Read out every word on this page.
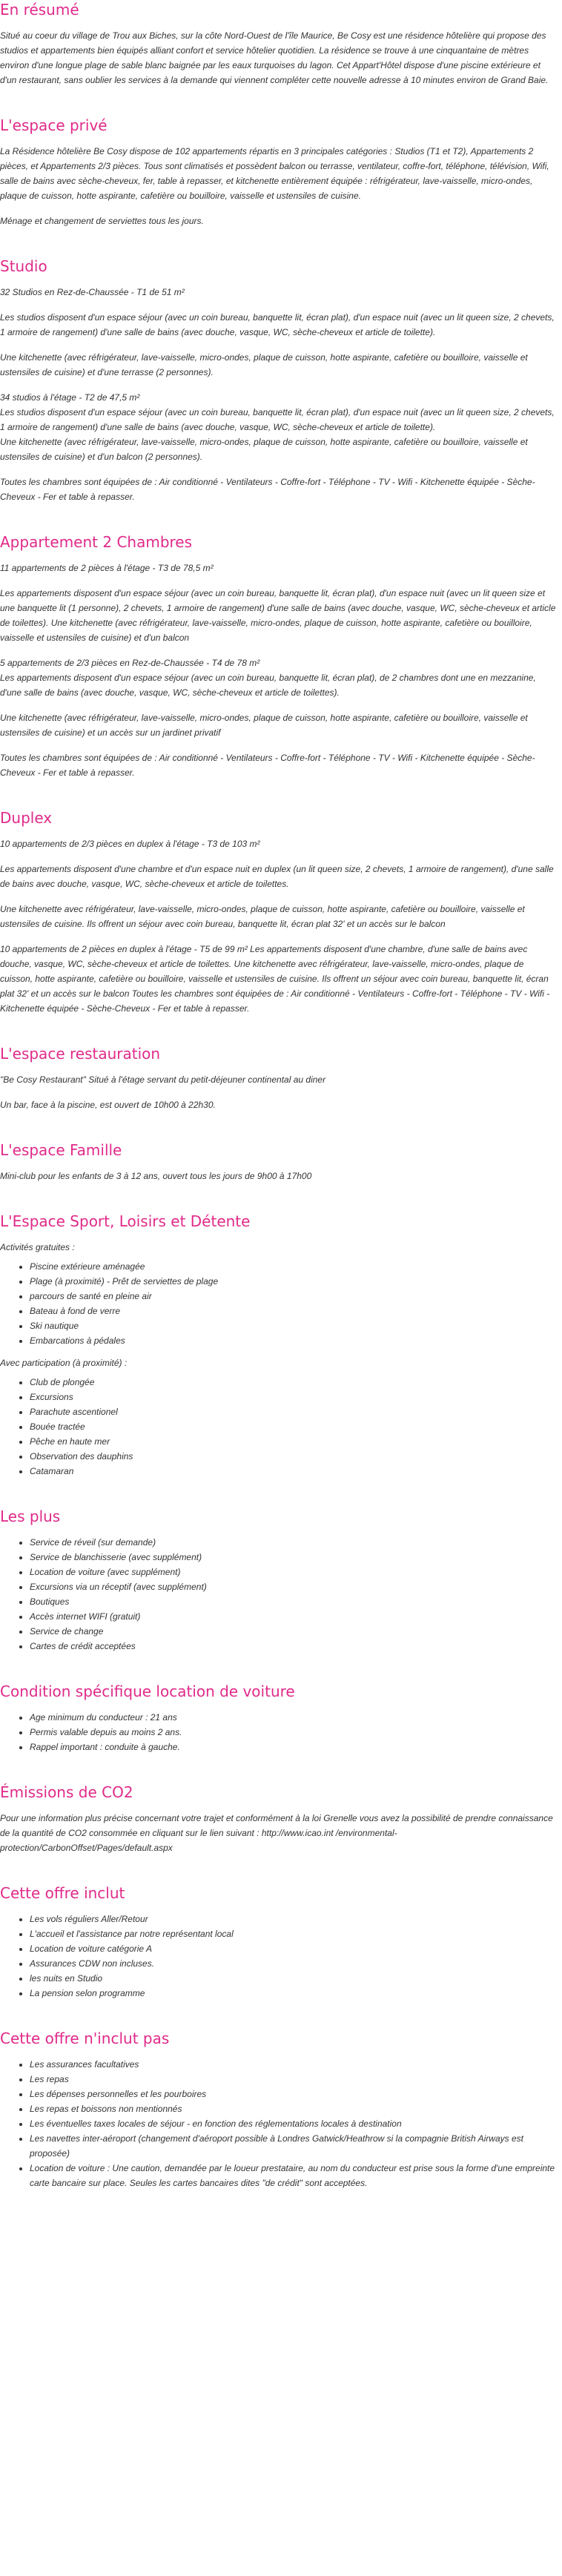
En résumé

Situé au coeur du village de Trou aux Biches, sur la côte Nord-Ouest de l'île Maurice, Be Cosy est une résidence hôtelière qui propose des studios et appartements bien équipés alliant confort et service hôtelier quotidien. La résidence se trouve à une cinquantaine de mètres environ d'une longue plage de sable blanc baignée par les eaux turquoises du lagon. Cet Appart'Hôtel dispose d'une piscine extérieure et d'un restaurant, sans oublier les services à la demande qui viennent compléter cette nouvelle adresse à 10 minutes environ de Grand Baie.

L'espace privé

La Résidence hôtelière Be Cosy dispose de 102 appartements répartis en 3 principales catégories : Studios (T1 et T2), Appartements 2 pièces, et Appartements 2/3 pièces. Tous sont climatisés et possèdent balcon ou terrasse, ventilateur, coffre-fort, téléphone, télévision, Wifi, salle de bains avec sèche-cheveux, fer, table à repasser, et kitchenette entièrement équipée : réfrigérateur, lave-vaisselle, micro-ondes, plaque de cuisson, hotte aspirante, cafetière ou bouilloire, vaisselle et ustensiles de cuisine.

Ménage et changement de serviettes tous les jours.

Studio

32 Studios en Rez-de-Chaussée - T1 de 51 m²

Les studios disposent d'un espace séjour (avec un coin bureau, banquette lit, écran plat), d'un espace nuit (avec un lit queen size, 2 chevets, 1 armoire de rangement) d'une salle de bains (avec douche, vasque, WC, sèche-cheveux et article de toilette).

Une kitchenette (avec réfrigérateur, lave-vaisselle, micro-ondes, plaque de cuisson, hotte aspirante, cafetière ou bouilloire, vaisselle et ustensiles de cuisine) et d'une terrasse (2 personnes).

34 studios à l'étage - T2 de 47,5 m²

Les studios disposent d'un espace séjour (avec un coin bureau, banquette lit, écran plat), d'un espace nuit (avec un lit queen size, 2 chevets, 1 armoire de rangement) d'une salle de bains (avec douche, vasque, WC, sèche-cheveux et article de toilette).

Une kitchenette (avec réfrigérateur, lave-vaisselle, micro-ondes, plaque de cuisson, hotte aspirante, cafetière ou bouilloire, vaisselle et ustensiles de cuisine) et d'un balcon (2 personnes).

Toutes les chambres sont équipées de : Air conditionné - Ventilateurs - Coffre-fort - Téléphone - TV - Wifi - Kitchenette équipée - Sèche-Cheveux - Fer et table à repasser.

Appartement 2 Chambres

11 appartements de 2 pièces à l'étage - T3 de 78,5 m²

Les appartements disposent d'un espace séjour (avec un coin bureau, banquette lit, écran plat), d'un espace nuit (avec un lit queen size et une banquette lit (1 personne), 2 chevets, 1 armoire de rangement) d'une salle de bains (avec douche, vasque, WC, sèche-cheveux et article de toilettes). Une kitchenette (avec réfrigérateur, lave-vaisselle, micro-ondes, plaque de cuisson, hotte aspirante, cafetière ou bouilloire, vaisselle et ustensiles de cuisine) et d'un balcon

5 appartements de 2/3 pièces en Rez-de-Chaussée - T4 de 78 m²

Les appartements disposent d'un espace séjour (avec un coin bureau, banquette lit, écran plat), de 2 chambres dont une en mezzanine, d'une salle de bains (avec douche, vasque, WC, sèche-cheveux et article de toilettes).

Une kitchenette (avec réfrigérateur, lave-vaisselle, micro-ondes, plaque de cuisson, hotte aspirante, cafetière ou bouilloire, vaisselle et ustensiles de cuisine) et un accès sur un jardinet privatif

Toutes les chambres sont équipées de : Air conditionné - Ventilateurs - Coffre-fort - Téléphone - TV - Wifi - Kitchenette équipée - Sèche-Cheveux - Fer et table à repasser.

Duplex

10 appartements de 2/3 pièces en duplex à l'étage - T3 de 103 m²

Les appartements disposent d'une chambre et d'un espace nuit en duplex (un lit queen size, 2 chevets, 1 armoire de rangement), d'une salle de bains avec douche, vasque, WC, sèche-cheveux et article de toilettes.

Une kitchenette avec réfrigérateur, lave-vaisselle, micro-ondes, plaque de cuisson, hotte aspirante, cafetière ou bouilloire, vaisselle et ustensiles de cuisine. Ils offrent un séjour avec coin bureau, banquette lit, écran plat 32' et un accès sur le balcon

10 appartements de 2 pièces en duplex à l'étage - T5 de 99 m² Les appartements disposent d'une chambre, d'une salle de bains avec douche, vasque, WC, sèche-cheveux et article de toilettes. Une kitchenette avec réfrigérateur, lave-vaisselle, micro-ondes, plaque de cuisson, hotte aspirante, cafetière ou bouilloire, vaisselle et ustensiles de cuisine. Ils offrent un séjour avec coin bureau, banquette lit, écran plat 32' et un accès sur le balcon Toutes les chambres sont équipées de : Air conditionné - Ventilateurs - Coffre-fort - Téléphone - TV - Wifi - Kitchenette équipée - Sèche-Cheveux - Fer et table à repasser.

L'espace restauration

"Be Cosy Restaurant" Situé à l'étage servant du petit-déjeuner continental au diner

Un bar, face à la piscine, est ouvert de 10h00 à 22h30.

L'espace Famille

Mini-club pour les enfants de 3 à 12 ans, ouvert tous les jours de 9h00 à 17h00

L'Espace Sport, Loisirs et Détente

Activités gratuites :

• Piscine extérieure aménagée
• Plage (à proximité) - Prêt de serviettes de plage
• parcours de santé en pleine air
• Bateau à fond de verre
• Ski nautique
• Embarcations à pédales

Avec participation (à proximité) :

• Club de plongée
• Excursions
• Parachute ascentionel
• Bouée tractée
• Pêche en haute mer
• Observation des dauphins
• Catamaran
Les plus
• Service de réveil (sur demande)
• Service de blanchisserie (avec supplément)
• Location de voiture (avec supplément)
• Excursions via un réceptif (avec supplément)
• Boutiques
• Accès internet WIFI (gratuit)
• Service de change
• Cartes de crédit acceptées
Condition spécifique location de voiture
• Age minimum du conducteur : 21 ans
• Permis valable depuis au moins 2 ans.
• Rappel important : conduite à gauche.
Émissions de CO2

Pour une information plus précise concernant votre trajet et conformément à la loi Grenelle vous avez la possibilité de prendre connaissance de la quantité de CO2 consommée en cliquant sur le lien suivant : http://www.icao.int /environmental-protection/CarbonOffset/Pages/default.aspx

Cette offre inclut
• Les vols réguliers Aller/Retour
• L'accueil et l'assistance par notre représentant local
• Location de voiture catégorie A
• Assurances CDW non incluses.
• les nuits en Studio
• La pension selon programme
Cette offre n'inclut pas
• Les assurances facultatives
• Les repas
• Les dépenses personnelles et les pourboires
• Les repas et boissons non mentionnés
• Les éventuelles taxes locales de séjour - en fonction des réglementations locales à destination
• Les navettes inter-aéroport (changement d'aéroport possible à Londres Gatwick/Heathrow si la compagnie British Airways est proposée)
• Location de voiture : Une caution, demandée par le loueur prestataire, au nom du conducteur est prise sous la forme d'une empreinte carte bancaire sur place. Seules les cartes bancaires dites "de crédit" sont acceptées.
